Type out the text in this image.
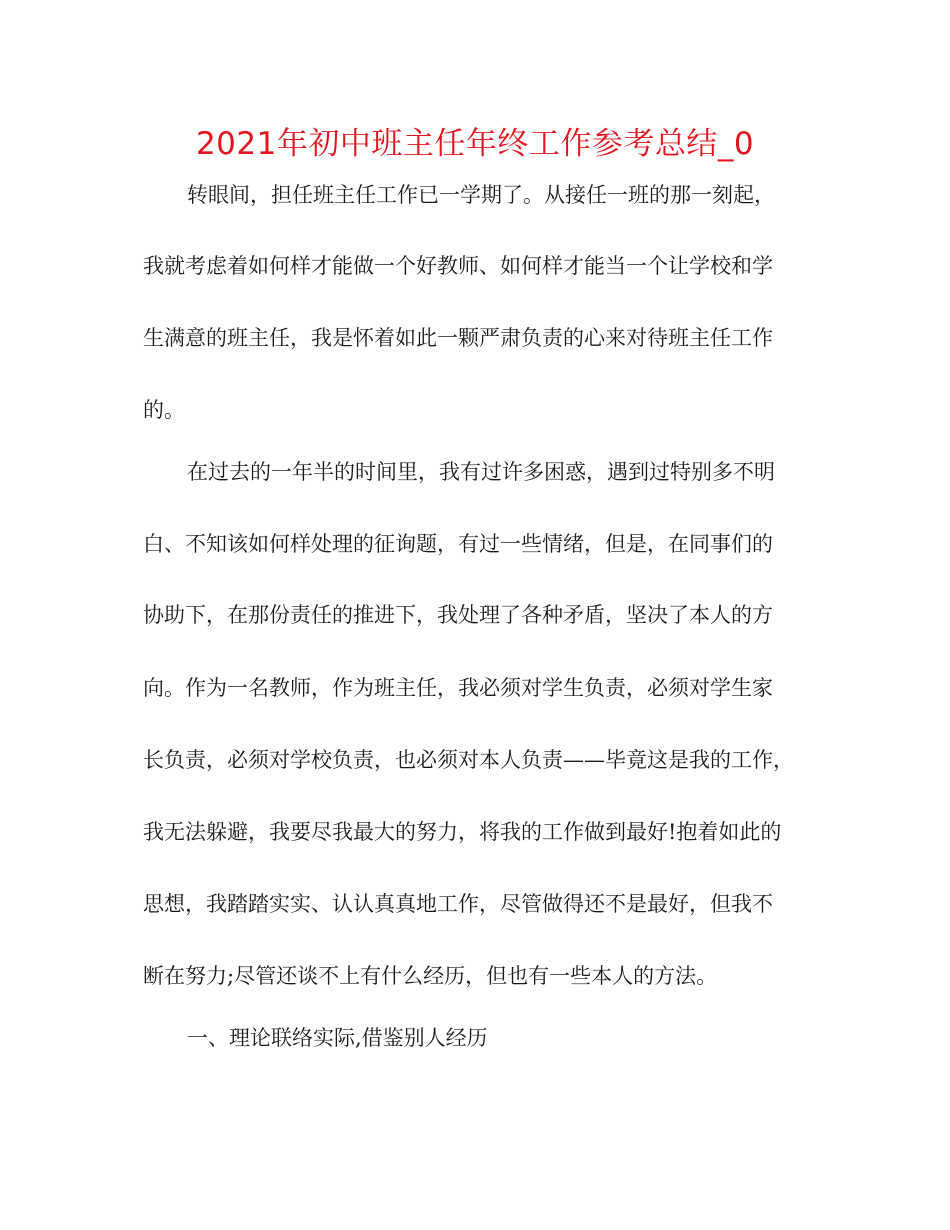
2021年初中班主任年终工作参考总结_0
转眼间，担任班主任工作已一学期了。从接任一班的那一刻起，
我就考虑着如何样才能做一个好教师、如何样才能当一个让学校和学
生满意的班主任，我是怀着如此一颗严肃负责的心来对待班主任工作
的。
在过去的一年半的时间里，我有过许多困惑，遇到过特别多不明
白、不知该如何样处理的征询题，有过一些情绪，但是，在同事们的
协助下，在那份责任的推进下，我处理了各种矛盾，坚决了本人的方
向。作为一名教师，作为班主任，我必须对学生负责，必须对学生家
长负责，必须对学校负责，也必须对本人负责——毕竟这是我的工作，
我无法躲避，我要尽我最大的努力，将我的工作做到最好!抱着如此的
思想，我踏踏实实、认认真真地工作，尽管做得还不是最好，但我不
断在努力;尽管还谈不上有什么经历，但也有一些本人的方法。
一、理论联络实际,借鉴别人经历
